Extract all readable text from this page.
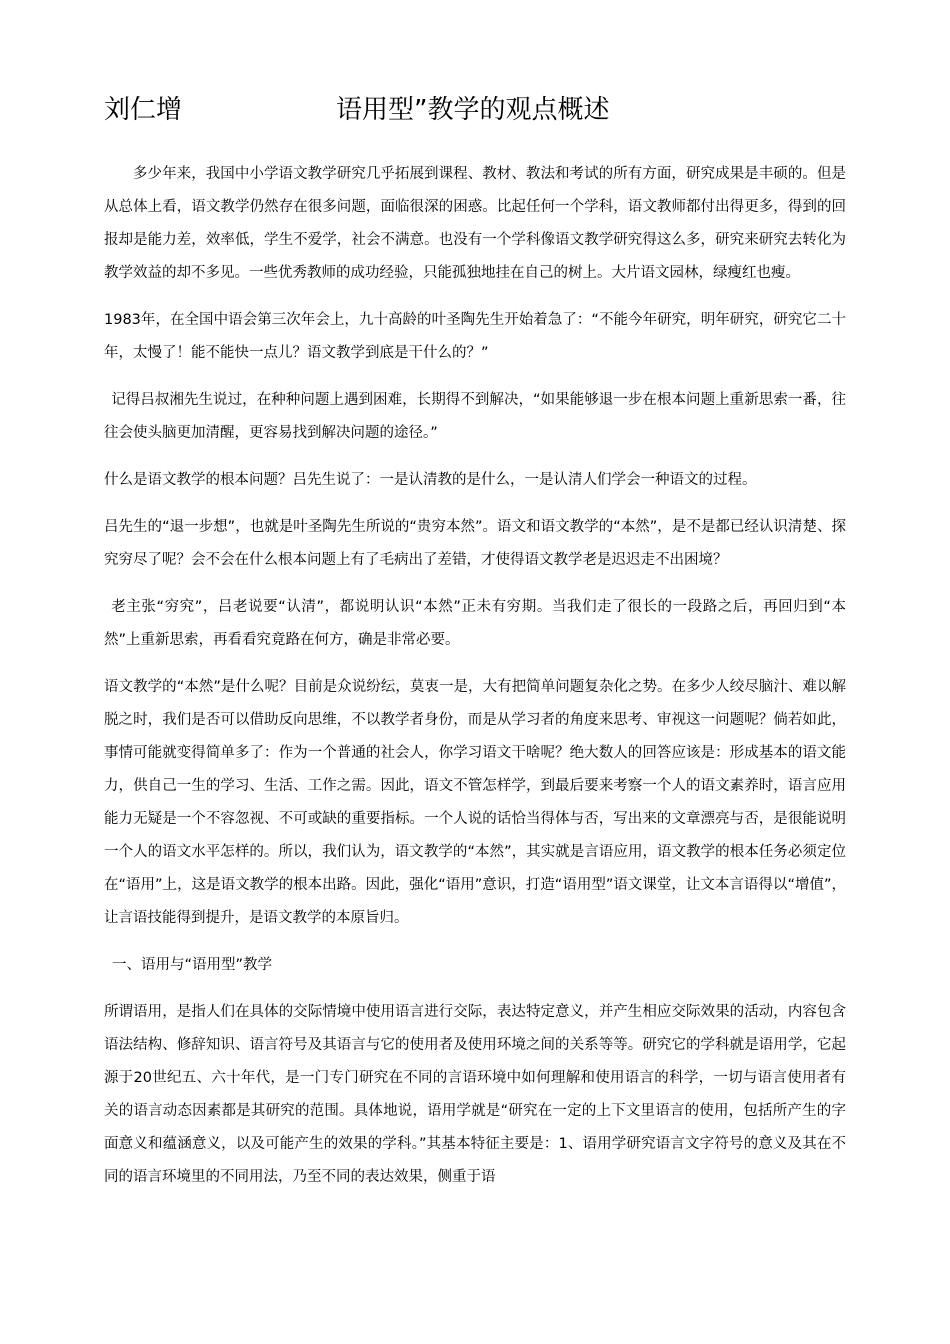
刘仁增	语用型”教学的观点概述

多少年来，我国中小学语文教学研究几乎拓展到课程、教材、教法和考试的所有方面，研究成果是丰硕的。但是从总体上看，语文教学仍然存在很多问题，面临很深的困惑。比起任何一个学科，语文教师都付出得更多，得到的回报却是能力差，效率低，学生不爱学，社会不满意。也没有一个学科像语文教学研究得这么多，研究来研究去转化为教学效益的却不多见。一些优秀教师的成功经验，只能孤独地挂在自己的树上。大片语文园林，绿瘦红也瘦。

1983年，在全国中语会第三次年会上，九十高龄的叶圣陶先生开始着急了：“不能今年研究，明年研究，研究它二十年，太慢了！能不能快一点儿？语文教学到底是干什么的？”

记得吕叔湘先生说过，在种种问题上遇到困难，长期得不到解决，“如果能够退一步在根本问题上重新思索一番，往往会使头脑更加清醒，更容易找到解决问题的途径。”

什么是语文教学的根本问题？吕先生说了：一是认清教的是什么，一是认清人们学会一种语文的过程。

吕先生的“退一步想”，也就是叶圣陶先生所说的“贵穷本然”。语文和语文教学的“本然”，是不是都已经认识清楚、探究穷尽了呢？会不会在什么根本问题上有了毛病出了差错，才使得语文教学老是迟迟走不出困境？

老主张“穷究”，吕老说要“认清”，都说明认识“本然”正未有穷期。当我们走了很长的一段路之后，再回归到“本然”上重新思索，再看看究竟路在何方，确是非常必要。

语文教学的“本然”是什么呢？目前是众说纷纭，莫衷一是，大有把简单问题复杂化之势。在多少人绞尽脑汁、难以解脱之时，我们是否可以借助反向思维，不以教学者身份，而是从学习者的角度来思考、审视这一问题呢？倘若如此，事情可能就变得简单多了：作为一个普通的社会人，你学习语文干啥呢？绝大数人的回答应该是：形成基本的语文能力，供自己一生的学习、生活、工作之需。因此，语文不管怎样学，到最后要来考察一个人的语文素养时，语言应用能力无疑是一个不容忽视、不可或缺的重要指标。一个人说的话恰当得体与否，写出来的文章漂亮与否，是很能说明一个人的语文水平怎样的。所以，我们认为，语文教学的“本然”，其实就是言语应用，语文教学的根本任务必须定位在“语用”上，这是语文教学的根本出路。因此，强化“语用”意识，打造“语用型”语文课堂，让文本言语得以“增值”，让言语技能得到提升，是语文教学的本原旨归。

一、语用与“语用型”教学

所谓语用，是指人们在具体的交际情境中使用语言进行交际，表达特定意义，并产生相应交际效果的活动，内容包含语法结构、修辞知识、语言符号及其语言与它的使用者及使用环境之间的关系等等。研究它的学科就是语用学，它起源于20世纪五、六十年代，是一门专门研究在不同的言语环境中如何理解和使用语言的科学，一切与语言使用者有关的语言动态因素都是其研究的范围。具体地说，语用学就是“研究在一定的上下文里语言的使用，包括所产生的字面意义和蕴涵意义，以及可能产生的效果的学科。”其基本特征主要是：1、语用学研究语言文字符号的意义及其在不同的语言环境里的不同用法，乃至不同的表达效果，侧重于语
